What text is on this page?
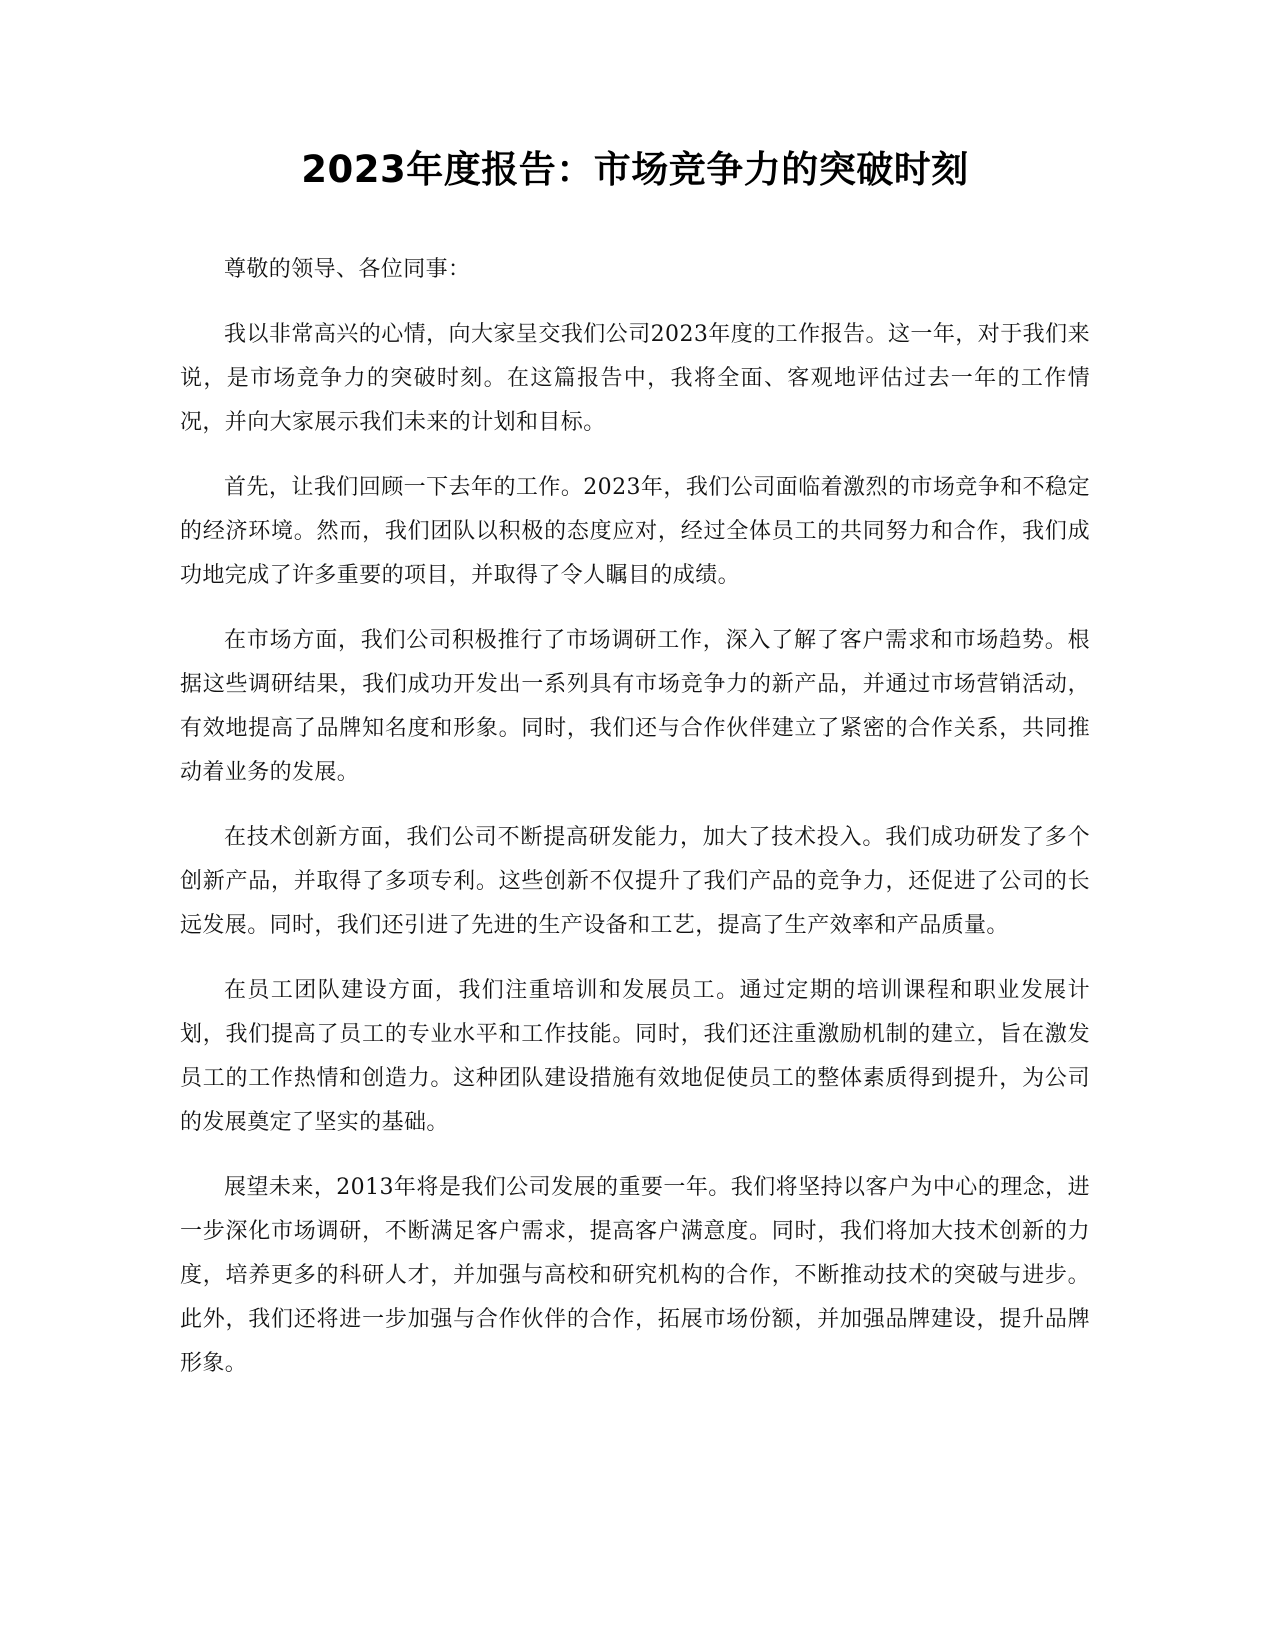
2023年度报告：市场竞争力的突破时刻

尊敬的领导、各位同事：

我以非常高兴的心情，向大家呈交我们公司2023年度的工作报告。这一年，对于我们来说，是市场竞争力的突破时刻。在这篇报告中，我将全面、客观地评估过去一年的工作情况，并向大家展示我们未来的计划和目标。

首先，让我们回顾一下去年的工作。2023年，我们公司面临着激烈的市场竞争和不稳定的经济环境。然而，我们团队以积极的态度应对，经过全体员工的共同努力和合作，我们成功地完成了许多重要的项目，并取得了令人瞩目的成绩。

在市场方面，我们公司积极推行了市场调研工作，深入了解了客户需求和市场趋势。根据这些调研结果，我们成功开发出一系列具有市场竞争力的新产品，并通过市场营销活动，有效地提高了品牌知名度和形象。同时，我们还与合作伙伴建立了紧密的合作关系，共同推动着业务的发展。

在技术创新方面，我们公司不断提高研发能力，加大了技术投入。我们成功研发了多个创新产品，并取得了多项专利。这些创新不仅提升了我们产品的竞争力，还促进了公司的长远发展。同时，我们还引进了先进的生产设备和工艺，提高了生产效率和产品质量。

在员工团队建设方面，我们注重培训和发展员工。通过定期的培训课程和职业发展计划，我们提高了员工的专业水平和工作技能。同时，我们还注重激励机制的建立，旨在激发员工的工作热情和创造力。这种团队建设措施有效地促使员工的整体素质得到提升，为公司的发展奠定了坚实的基础。

展望未来，2013年将是我们公司发展的重要一年。我们将坚持以客户为中心的理念，进一步深化市场调研，不断满足客户需求，提高客户满意度。同时，我们将加大技术创新的力度，培养更多的科研人才，并加强与高校和研究机构的合作，不断推动技术的突破与进步。此外，我们还将进一步加强与合作伙伴的合作，拓展市场份额，并加强品牌建设，提升品牌形象。
